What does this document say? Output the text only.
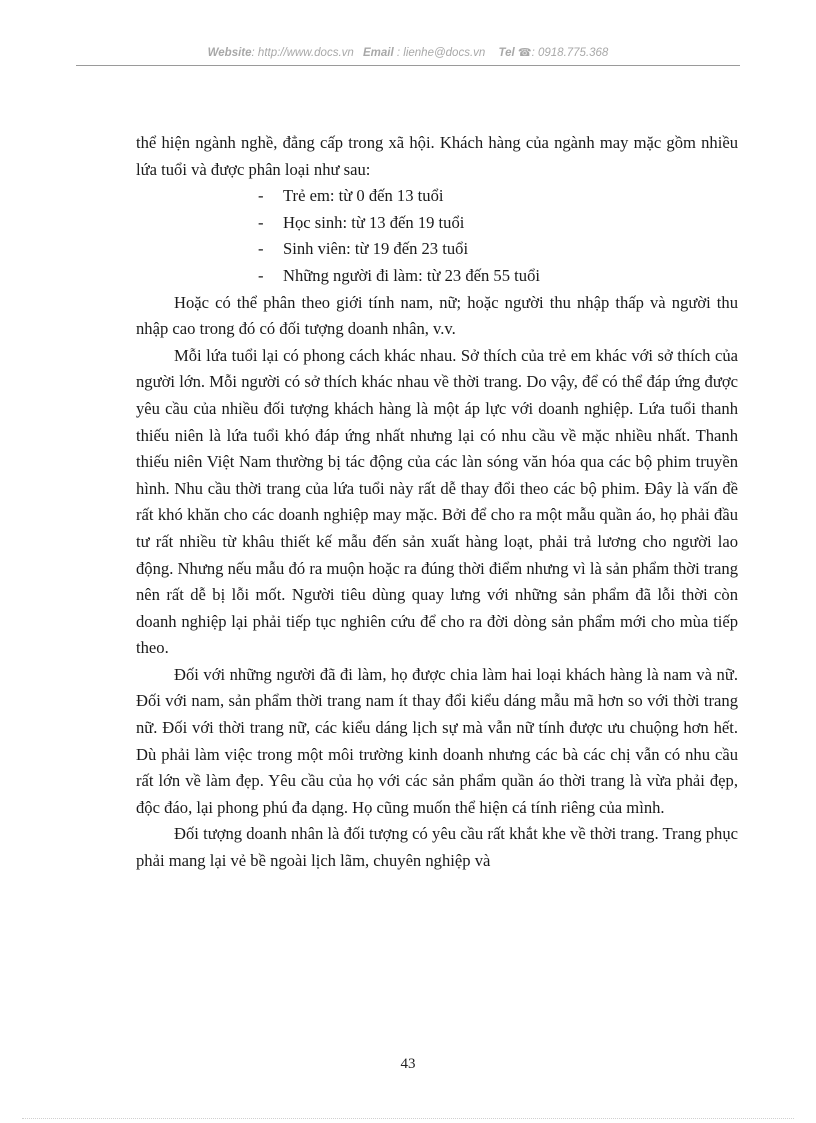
Website: http://www.docs.vn Email : lienhe@docs.vn Tel ☎: 0918.775.368

thể hiện ngành nghề, đẳng cấp trong xã hội. Khách hàng của ngành may mặc gồm nhiều lứa tuổi và được phân loại như sau:

- Trẻ em: từ 0 đến 13 tuổi
- Học sinh: từ 13 đến 19 tuổi
- Sinh viên: từ 19 đến 23 tuổi
- Những người đi làm: từ 23 đến 55 tuổi

Hoặc có thể phân theo giới tính nam, nữ; hoặc người thu nhập thấp và người thu nhập cao trong đó có đối tượng doanh nhân, v.v.

Mỗi lứa tuổi lại có phong cách khác nhau. Sở thích của trẻ em khác với sở thích của người lớn. Mỗi người có sở thích khác nhau về thời trang. Do vậy, để có thể đáp ứng được yêu cầu của nhiều đối tượng khách hàng là một áp lực với doanh nghiệp. Lứa tuổi thanh thiếu niên là lứa tuổi khó đáp ứng nhất nhưng lại có nhu cầu về mặc nhiều nhất. Thanh thiếu niên Việt Nam thường bị tác động của các làn sóng văn hóa qua các bộ phim truyền hình. Nhu cầu thời trang của lứa tuổi này rất dễ thay đổi theo các bộ phim. Đây là vấn đề rất khó khăn cho các doanh nghiệp may mặc. Bởi để cho ra một mẫu quần áo, họ phải đầu tư rất nhiều từ khâu thiết kế mẫu đến sản xuất hàng loạt, phải trả lương cho người lao động. Nhưng nếu mẫu đó ra muộn hoặc ra đúng thời điểm nhưng vì là sản phẩm thời trang nên rất dễ bị lỗi mốt. Người tiêu dùng quay lưng với những sản phẩm đã lỗi thời còn doanh nghiệp lại phải tiếp tục nghiên cứu để cho ra đời dòng sản phẩm mới cho mùa tiếp theo.

Đối với những người đã đi làm, họ được chia làm hai loại khách hàng là nam và nữ. Đối với nam, sản phẩm thời trang nam ít thay đổi kiểu dáng mẫu mã hơn so với thời trang nữ. Đối với thời trang nữ, các kiểu dáng lịch sự mà vẫn nữ tính được ưu chuộng hơn hết. Dù phải làm việc trong một môi trường kinh doanh nhưng các bà các chị vẫn có nhu cầu rất lớn về làm đẹp. Yêu cầu của họ với các sản phẩm quần áo thời trang là vừa phải đẹp, độc đáo, lại phong phú đa dạng. Họ cũng muốn thể hiện cá tính riêng của mình.

Đối tượng doanh nhân là đối tượng có yêu cầu rất khắt khe về thời trang. Trang phục phải mang lại vẻ bề ngoài lịch lãm, chuyên nghiệp và

43
